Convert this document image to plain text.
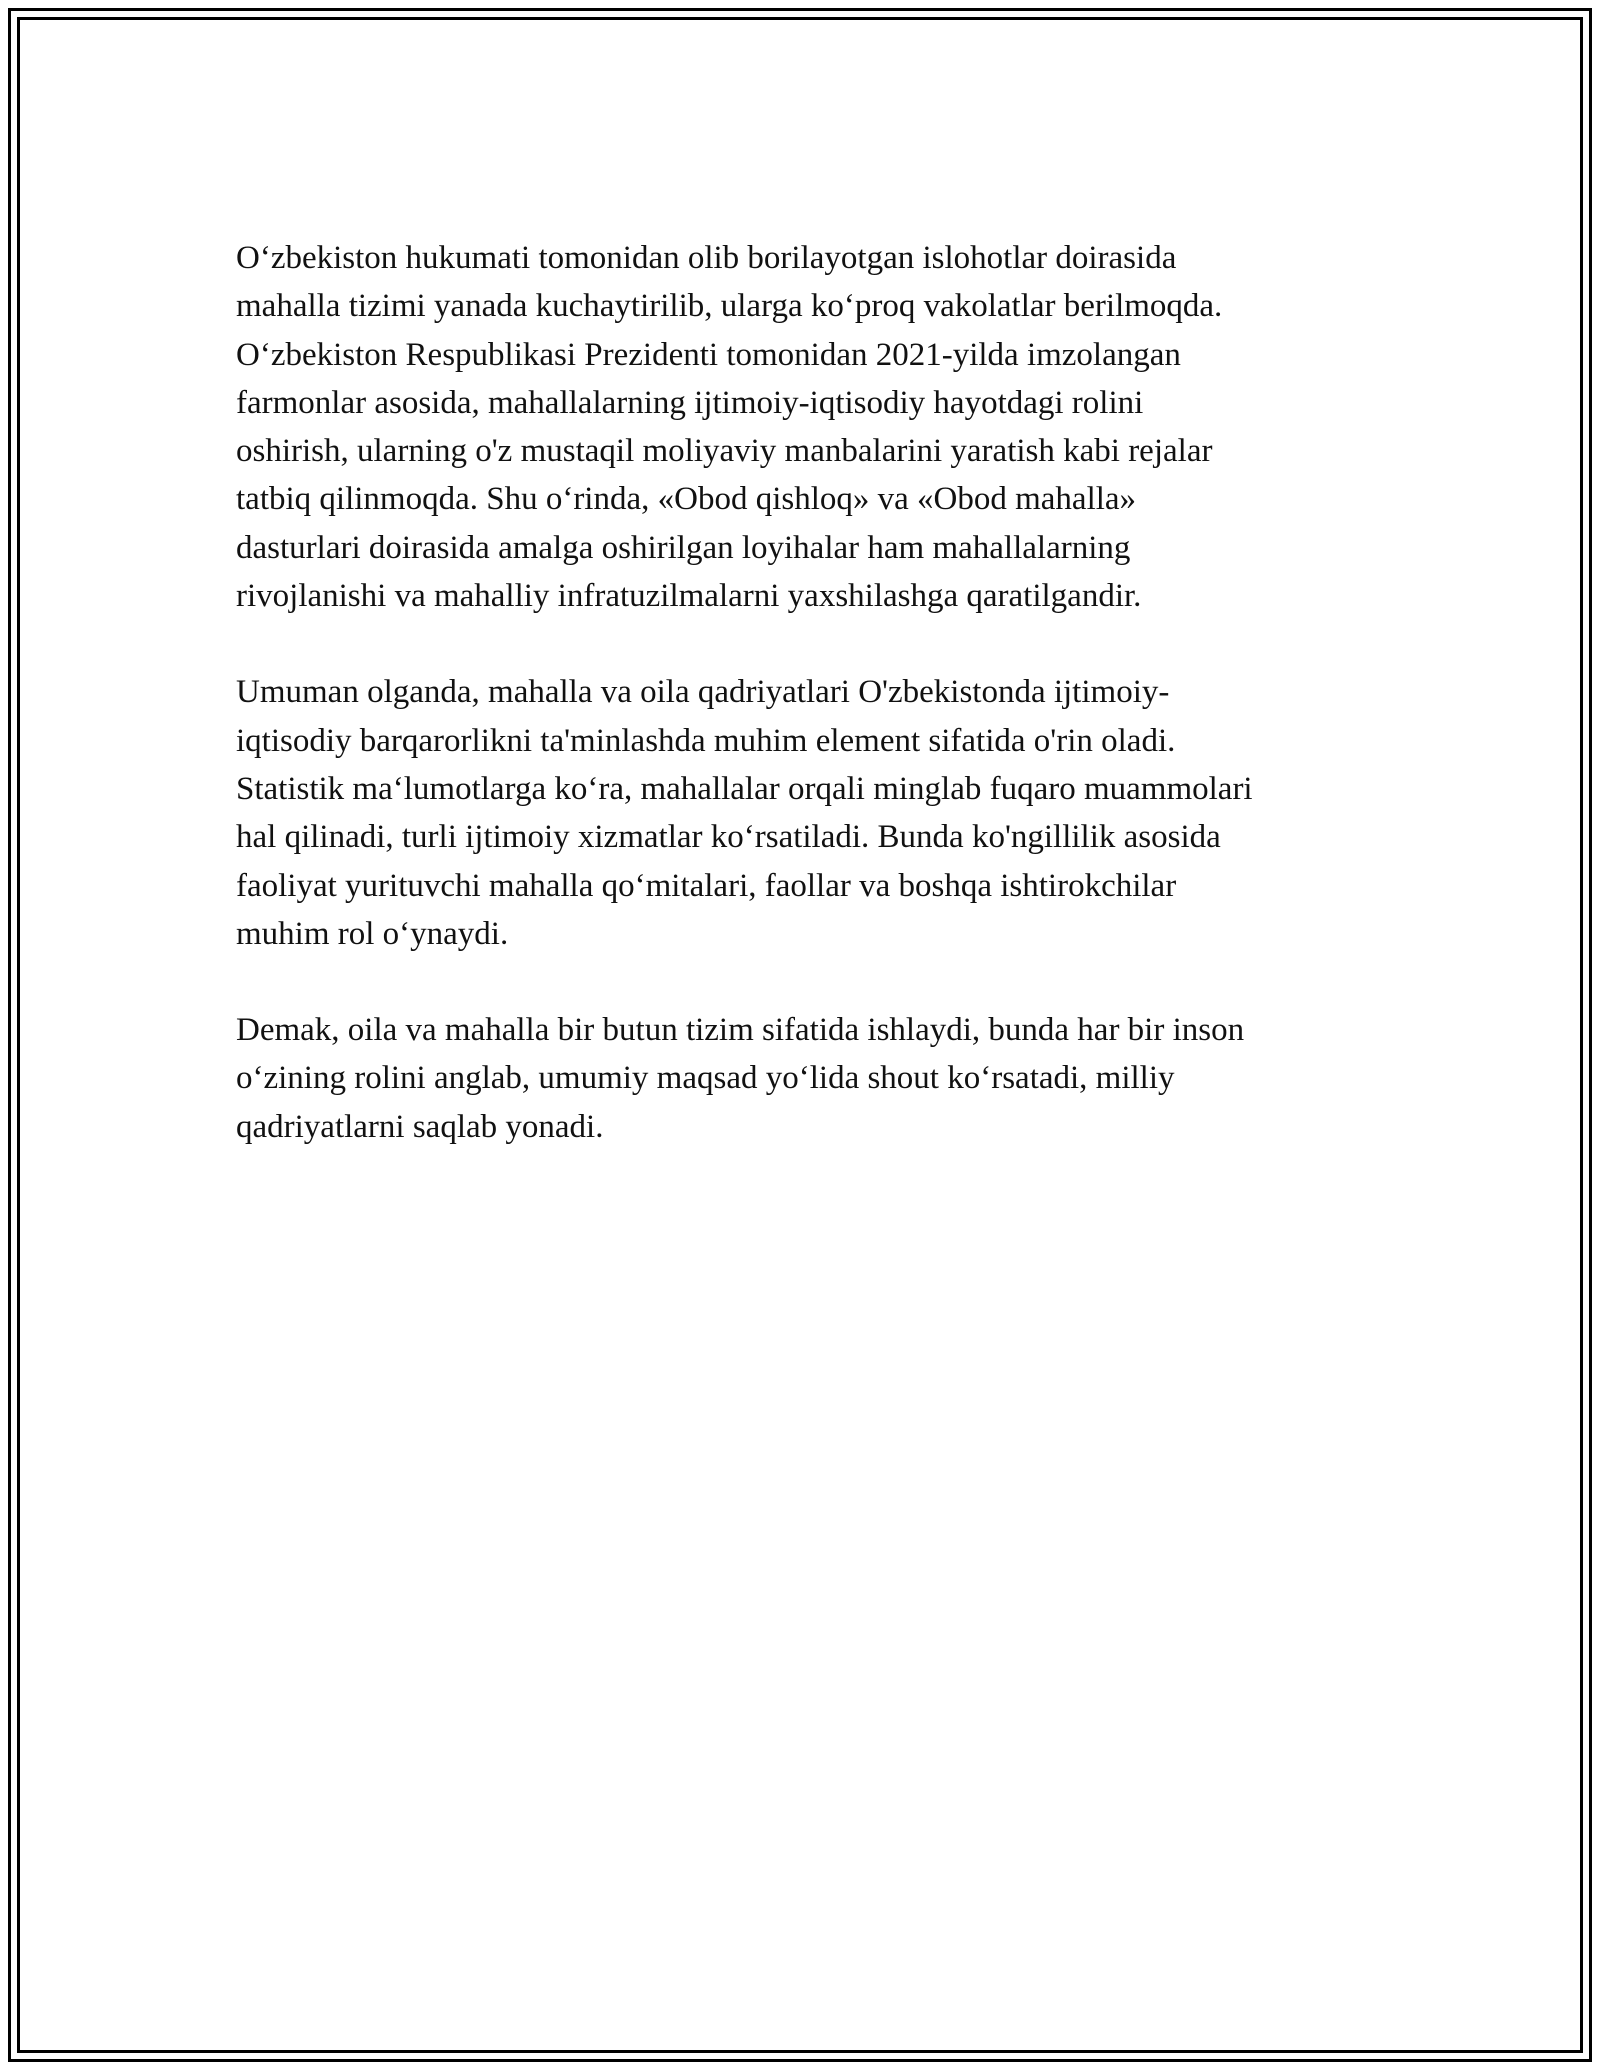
O‘zbekiston hukumati tomonidan olib borilayotgan islohotlar doirasida
mahalla tizimi yanada kuchaytirilib, ularga ko‘proq vakolatlar berilmoqda.
O‘zbekiston Respublikasi Prezidenti tomonidan 2021-yilda imzolangan
farmonlar asosida, mahallalarning ijtimoiy-iqtisodiy hayotdagi rolini
oshirish, ularning o'z mustaqil moliyaviy manbalarini yaratish kabi rejalar
tatbiq qilinmoqda. Shu o‘rinda, «Obod qishloq» va «Obod mahalla»
dasturlari doirasida amalga oshirilgan loyihalar ham mahallalarning
rivojlanishi va mahalliy infratuzilmalarni yaxshilashga qaratilgandir.
Umuman olganda, mahalla va oila qadriyatlari O'zbekistonda ijtimoiy-
iqtisodiy barqarorlikni ta'minlashda muhim element sifatida o'rin oladi.
Statistik ma‘lumotlarga ko‘ra, mahallalar orqali minglab fuqaro muammolari
hal qilinadi, turli ijtimoiy xizmatlar ko‘rsatiladi. Bunda ko'ngillilik asosida
faoliyat yurituvchi mahalla qo‘mitalari, faollar va boshqa ishtirokchilar
muhim rol o‘ynaydi.
Demak, oila va mahalla bir butun tizim sifatida ishlaydi, bunda har bir inson
o‘zining rolini anglab, umumiy maqsad yo‘lida shout ko‘rsatadi, milliy
qadriyatlarni saqlab yonadi.
